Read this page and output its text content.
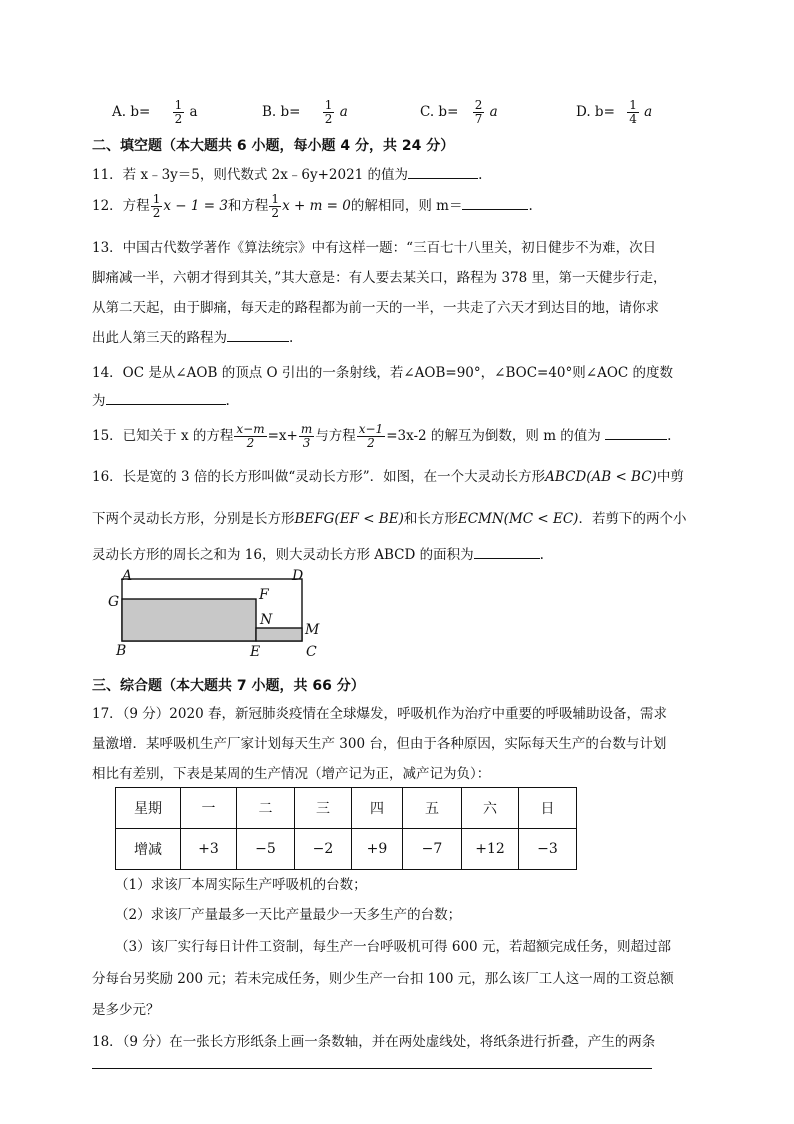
A. $b= \frac{1}{2}$ a	B. $b= \frac{1}{2}$ a	C. $b= \frac{2}{7}$ a	D. $b= \frac{1}{4}$ a
二、填空题（本大题共 6 小题，每小题 4 分，共 24 分）
11．若 x﹣3y＝5，则代数式 2x﹣6y+2021 的值为	.
12．方程 $\frac{1}{2}$ x − 1 = 3和方程 $\frac{1}{2}$ x + m = 0的解相同，则 m＝	.
13．中国古代数学著作《算法统宗》中有这样一题：“三百七十八里关，初日健步不为难，次日
脚痛减一半，六朝才得到其关，”其大意是：有人要去某关口，路程为 378 里，第一天健步行走，
从第二天起，由于脚痛，每天走的路程都为前一天的一半，一共走了六天才到达目的地，请你求
出此人第三天的路程为	.
14．OC 是从∠AOB 的顶点 O 引出的一条射线，若∠AOB=90°，∠BOC=40°则∠AOC 的度数
为	.
15．已知关于 x 的方程 $\frac{x-m}{2} =x+ \frac{m}{3}$ 与方程 $\frac{x-1}{2} =3x-2$ 的解互为倒数，则 m 的值为	.
16．长是宽的 3 倍的长方形叫做“灵动长方形”．如图，在一个大灵动长方形ABCD(AB < BC)中剪
下两个灵动长方形，分别是长方形BEFG(EF < BE)和长方形ECMN(MC < EC)．若剪下的两个小
灵动长方形的周长之和为 16，则大灵动长方形 ABCD 的面积为	.
A
B	C
D
E
F
G
M
N
三、综合题（本大题共 7 小题，共 66 分）
17．（9 分）2020 春，新冠肺炎疫情在全球爆发，呼吸机作为治疗中重要的呼吸辅助设备，需求
量激增．某呼吸机生产厂家计划每天生产 300 台，但由于各种原因，实际每天生产的台数与计划
相比有差别，下表是某周的生产情况（增产记为正，减产记为负）：
星期	一	二	三	四	五	六	日
增减	+3	−5	−2	+9	−7	+12	−3
（1）求该厂本周实际生产呼吸机的台数；
（2）求该厂产量最多一天比产量最少一天多生产的台数；
（3）该厂实行每日计件工资制，每生产一台呼吸机可得 600 元，若超额完成任务，则超过部
分每台另奖励 200 元；若未完成任务，则少生产一台扣 100 元，那么该厂工人这一周的工资总额
是多少元？
18．（9 分）在一张长方形纸条上画一条数轴，并在两处虚线处，将纸条进行折叠，产生的两条
